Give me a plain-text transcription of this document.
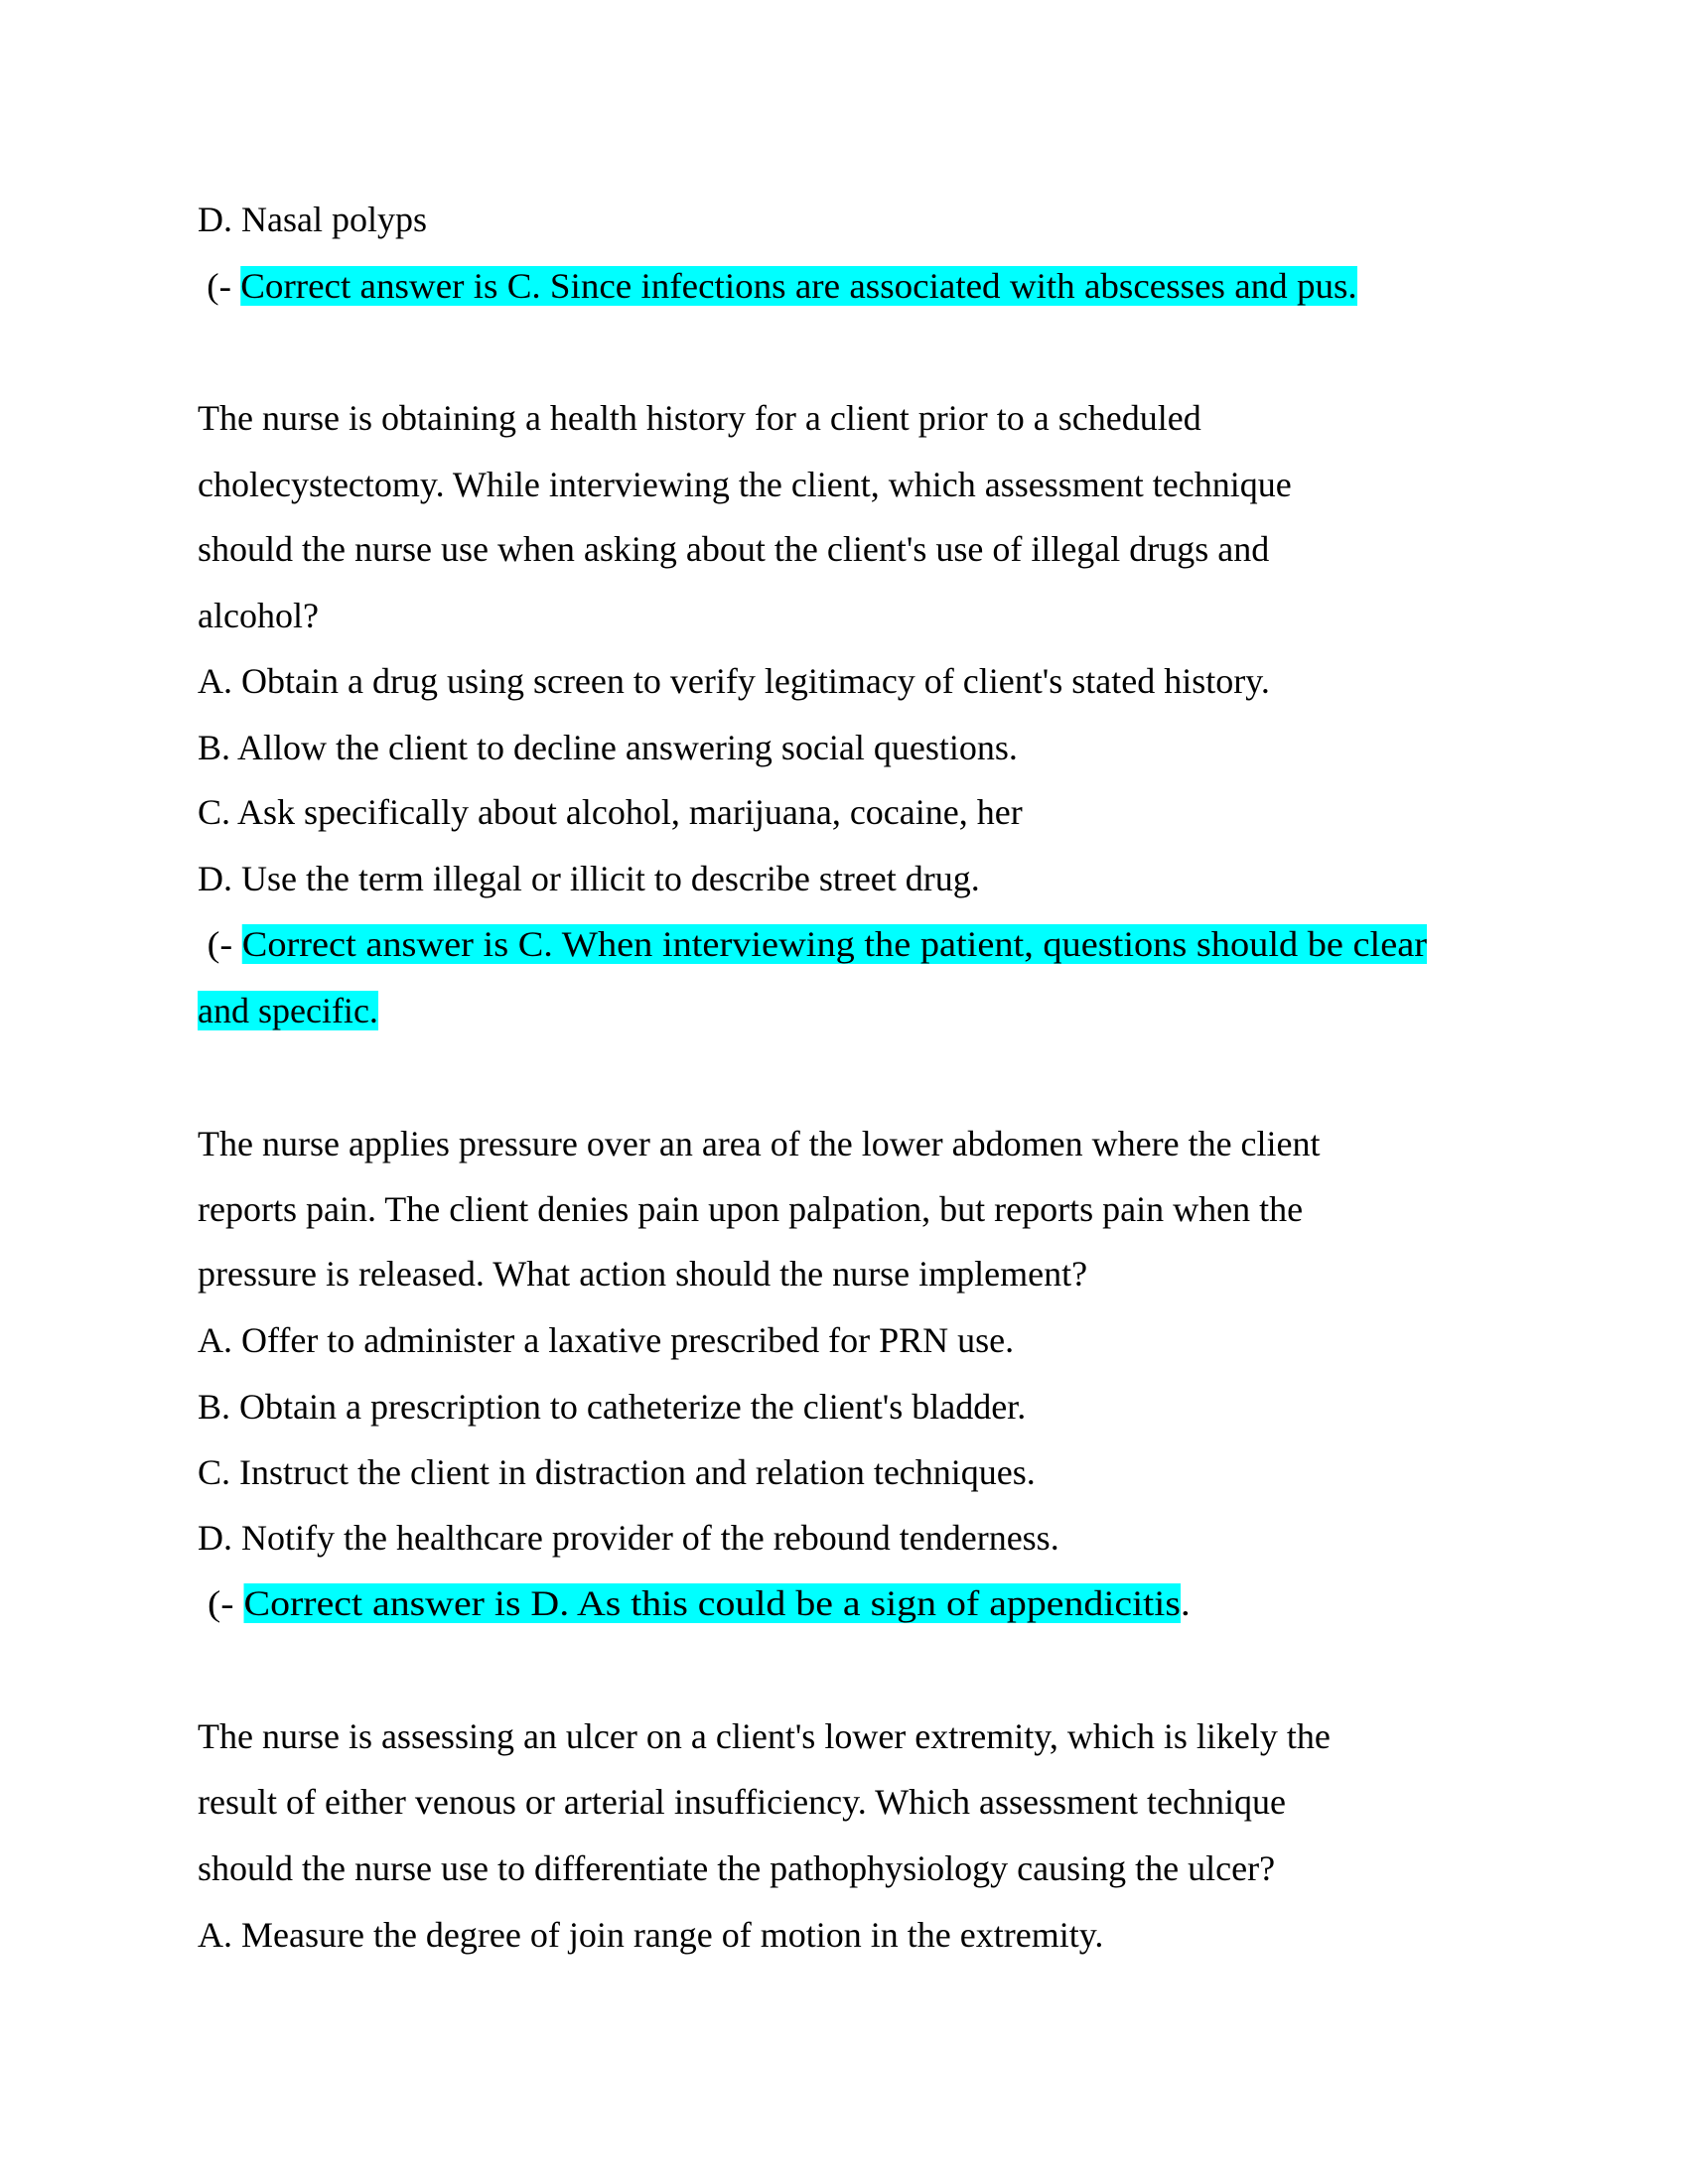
D. Nasal polyps
(- Correct answer is C. Since infections are associated with abscesses and pus.
The nurse is obtaining a health history for a client prior to a scheduled
cholecystectomy. While interviewing the client, which assessment technique
should the nurse use when asking about the client's use of illegal drugs and
alcohol?
A. Obtain a drug using screen to verify legitimacy of client's stated history.
B. Allow the client to decline answering social questions.
C. Ask specifically about alcohol, marijuana, cocaine, her
D. Use the term illegal or illicit to describe street drug.
(- Correct answer is C. When interviewing the patient, questions should be clear
and specific.
The nurse applies pressure over an area of the lower abdomen where the client
reports pain. The client denies pain upon palpation, but reports pain when the
pressure is released. What action should the nurse implement?
A. Offer to administer a laxative prescribed for PRN use.
B. Obtain a prescription to catheterize the client's bladder.
C. Instruct the client in distraction and relation techniques.
D. Notify the healthcare provider of the rebound tenderness.
(- Correct answer is D. As this could be a sign of appendicitis.
The nurse is assessing an ulcer on a client's lower extremity, which is likely the
result of either venous or arterial insufficiency. Which assessment technique
should the nurse use to differentiate the pathophysiology causing the ulcer?
A. Measure the degree of join range of motion in the extremity.
